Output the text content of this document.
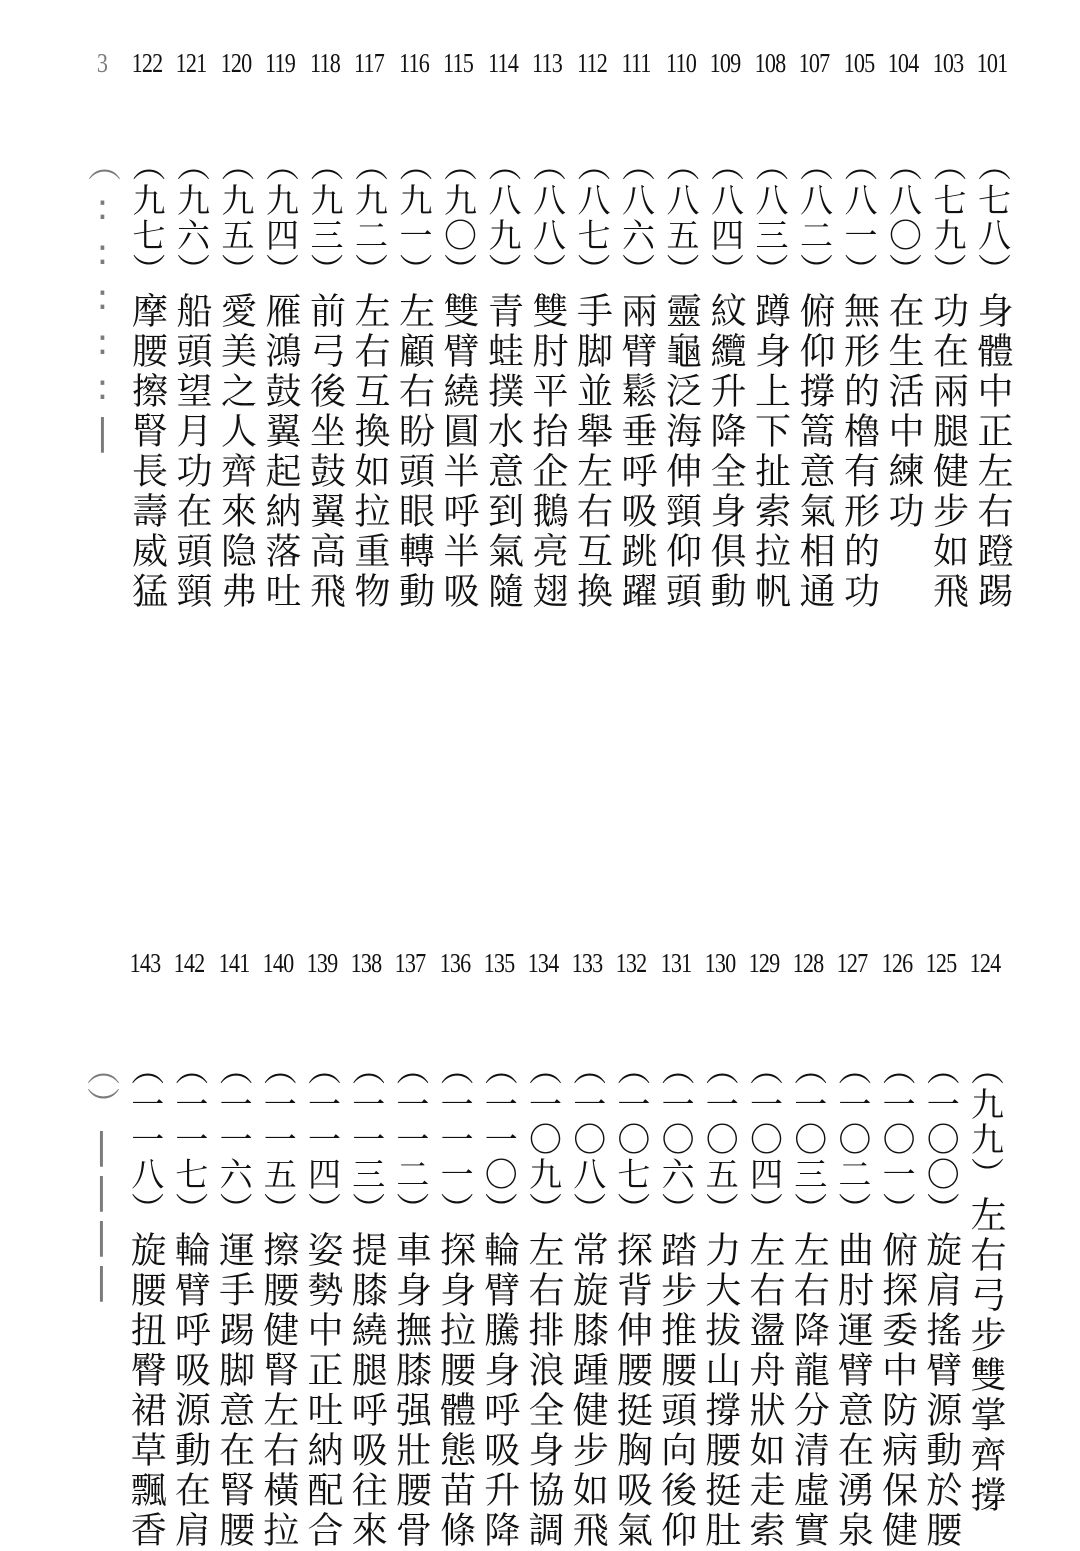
101
103
104
105
107
108
109
110
111
112
113
114
115
116
117
118
119
120
121
122
3
︵七八︶
身體中正左右蹬踢
︵七九︶
功在兩腿健步如飛
︵八〇︶
在生活中練功
︵八一︶
無形的櫓有形的功
︵八二︶
俯仰撐篙意氣相通
︵八三︶
蹲身上下扯索拉帆
︵八四︶
紋纜升降全身俱動
︵八五︶
靈龜泛海伸頸仰頭
︵八六︶
兩臂鬆垂呼吸跳躍
︵八七︶
手脚並舉左右互換
︵八八︶
雙肘平抬企鵝亮翅
︵八九︶
青蛙撲水意到氣隨
︵九〇︶
雙臂繞圓半呼半吸
︵九一︶
左顧右盼頭眼轉動
︵九二︶
左右互換如拉重物
︵九三︶
前弓後坐鼓翼高飛
︵九四︶
雁鴻鼓翼起納落吐
︵九五︶
愛美之人齊來隐弗
︵九六︶
船頭望月功在頭頸
︵九七︶
摩腰擦腎長壽威猛
︵
:::::|
124
125
126
127
128
129
130
131
132
133
134
135
136
137
138
139
140
141
142
143
︵九九︶
左右弓步雙掌齊撐
︵一〇〇︶
旋肩搖臂源動於腰
︵一〇一︶
俯探委中防病保健
︵一〇二︶
曲肘運臂意在湧泉
︵一〇三︶
左右降龍分清虛實
︵一〇四︶
左右盪舟狀如走索
︵一〇五︶
力大拔山撐腰挺肚
︵一〇六︶
踏步推腰頭向後仰
︵一〇七︶
探背伸腰挺胸吸氣
︵一〇八︶
常旋膝踵健步如飛
︵一〇九︶
左右排浪全身協調
︵一一〇︶
輪臂騰身呼吸升降
︵一一一︶
探身拉腰體態苗條
︵一一二︶
車身撫膝强壯腰骨
︵一一三︶
提膝繞腿呼吸往來
︵一一四︶
姿勢中正吐納配合
︵一一五︶
擦腰健腎左右橫拉
︵一一六︶
運手踢脚意在腎腰
︵一一七︶
輪臂呼吸源動在肩
︵一一八︶
旋腰扭臀裙草飄香
︵︶
||||
